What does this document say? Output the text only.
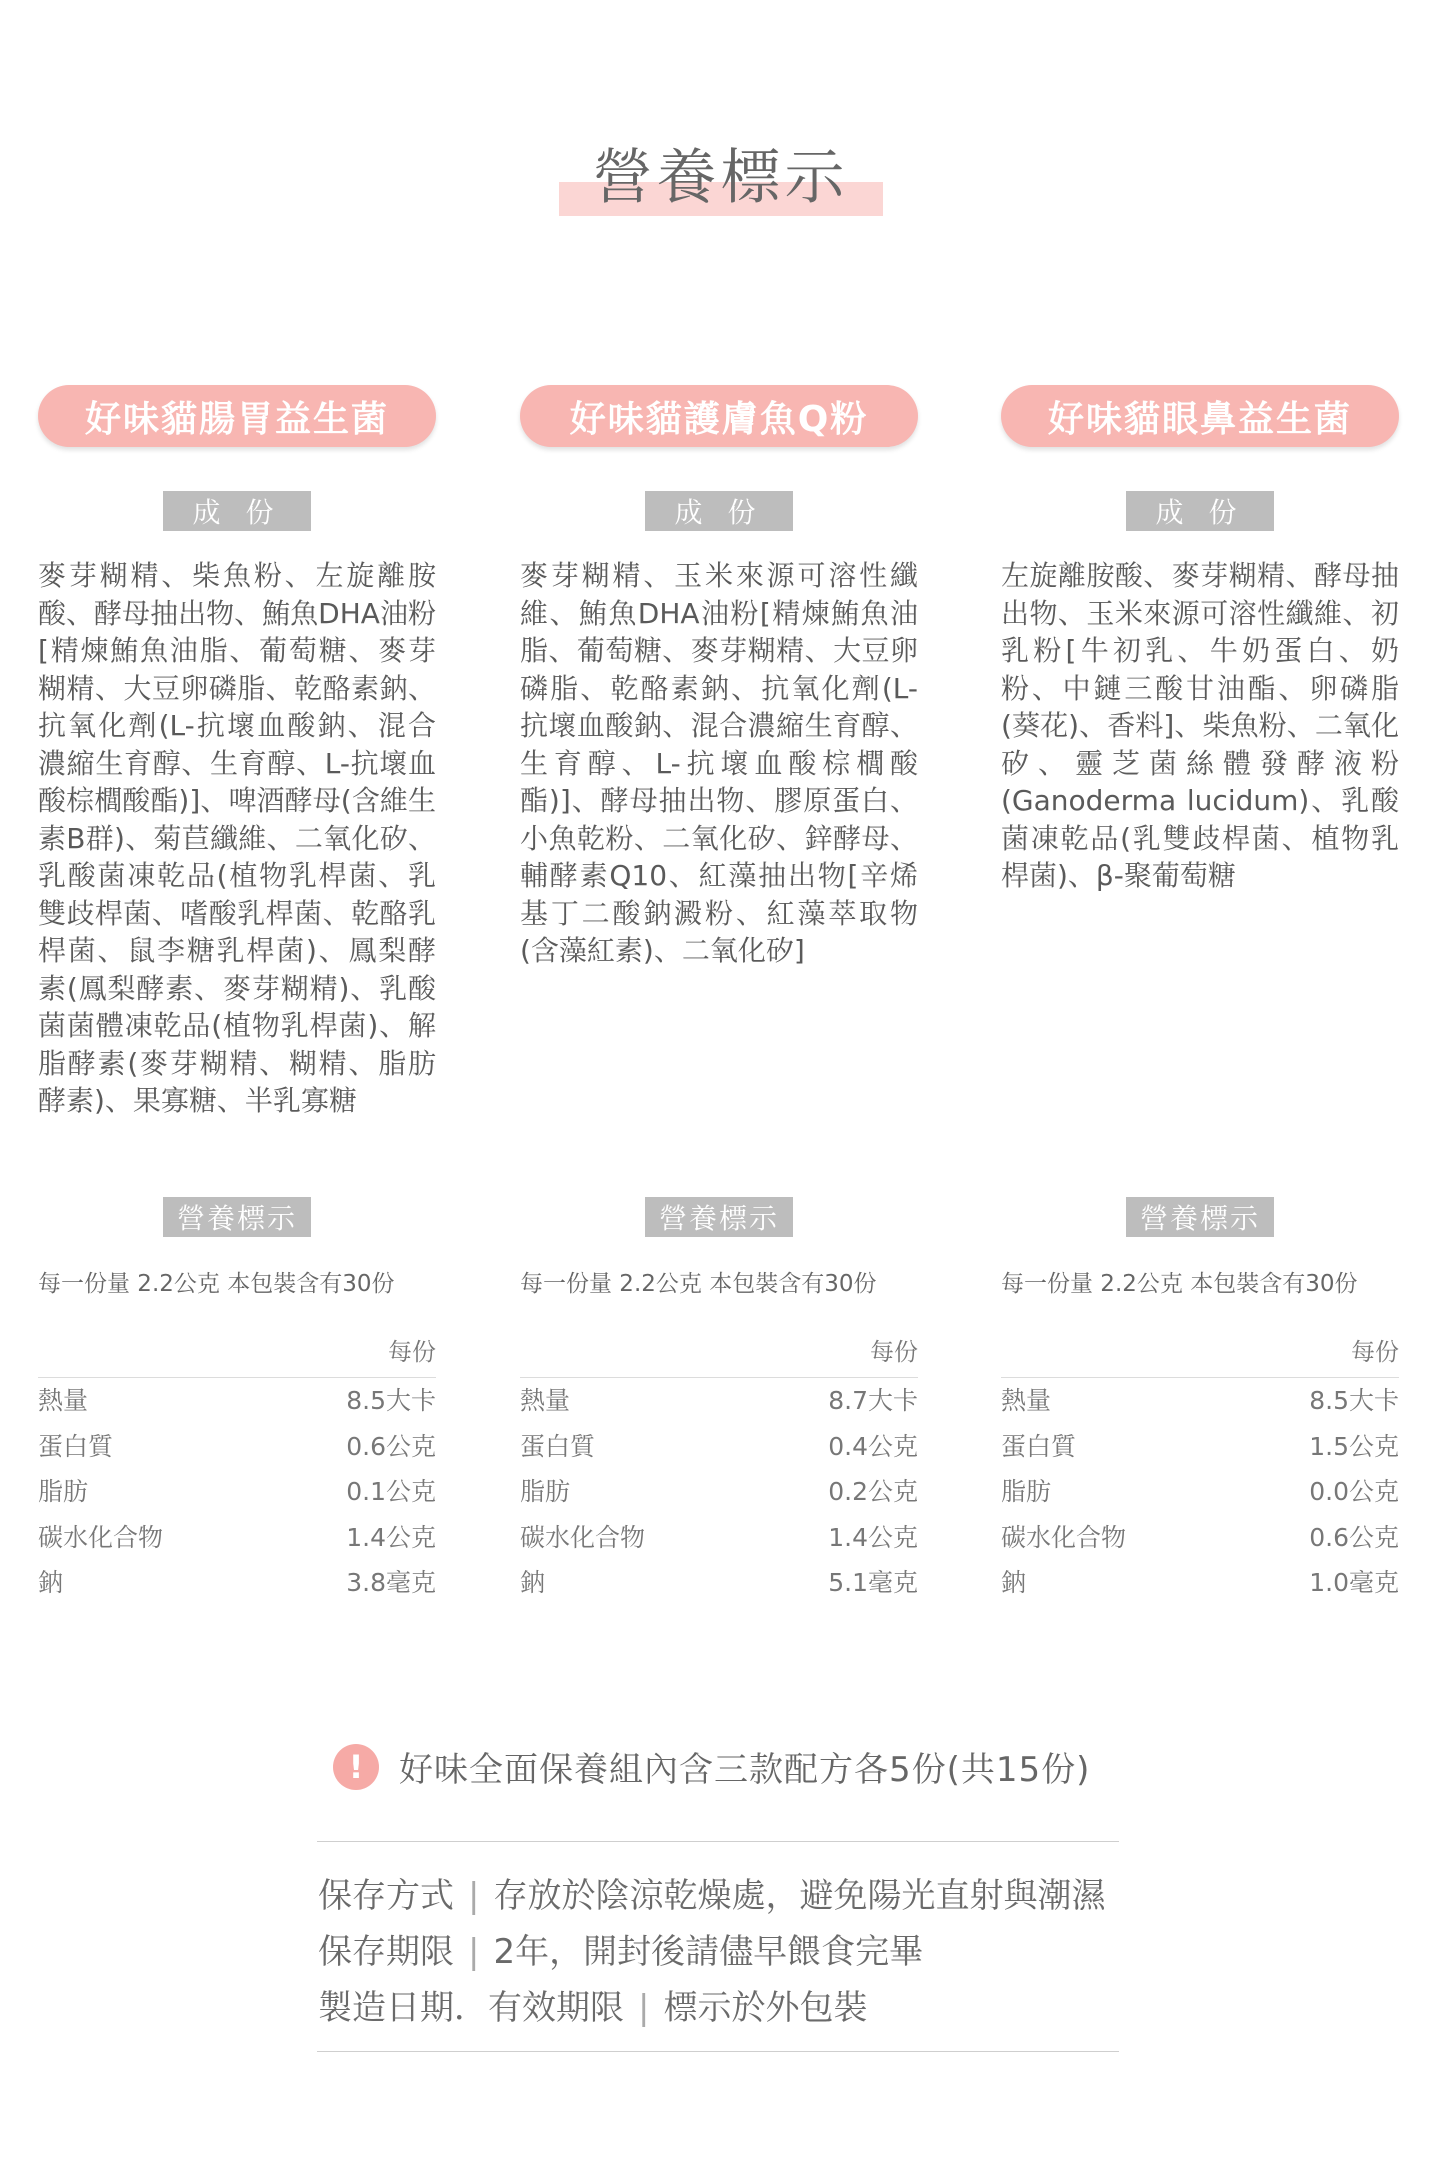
營養標示
好味貓腸胃益生菌
成 份
麥芽糊精、柴魚粉、左旋離胺酸、酵母抽出物、鮪魚DHA油粉[精煉鮪魚油脂、葡萄糖、麥芽糊精、大豆卵磷脂、乾酪素鈉、抗氧化劑(L-抗壞血酸鈉、混合濃縮生育醇、生育醇、L-抗壞血酸棕櫚酸酯)]、啤酒酵母(含維生素B群)、菊苣纖維、二氧化矽、乳酸菌凍乾品(植物乳桿菌、乳雙歧桿菌、嗜酸乳桿菌、乾酪乳桿菌、鼠李糖乳桿菌)、鳳梨酵素(鳳梨酵素、麥芽糊精)、乳酸菌菌體凍乾品(植物乳桿菌)、解脂酵素(麥芽糊精、糊精、脂肪酵素)、果寡糖、半乳寡糖
營養標示
每一份量 2.2公克 本包裝含有30份
每份
熱量	8.5大卡
蛋白質	0.6公克
脂肪	0.1公克
碳水化合物	1.4公克
鈉	3.8毫克
好味貓護膚魚Q粉
成 份
麥芽糊精、玉米來源可溶性纖維、鮪魚DHA油粉[精煉鮪魚油脂、葡萄糖、麥芽糊精、大豆卵磷脂、乾酪素鈉、抗氧化劑(L-抗壞血酸鈉、混合濃縮生育醇、生育醇、L-抗壞血酸棕櫚酸酯)]、酵母抽出物、膠原蛋白、小魚乾粉、二氧化矽、鋅酵母、輔酵素Q10、紅藻抽出物[辛烯基丁二酸鈉澱粉、紅藻萃取物(含藻紅素)、二氧化矽]
營養標示
每一份量 2.2公克 本包裝含有30份
每份
熱量	8.7大卡
蛋白質	0.4公克
脂肪	0.2公克
碳水化合物	1.4公克
鈉	5.1毫克
好味貓眼鼻益生菌
成 份
左旋離胺酸、麥芽糊精、酵母抽出物、玉米來源可溶性纖維、初乳粉[牛初乳、牛奶蛋白、奶粉、中鏈三酸甘油酯、卵磷脂(葵花)、香料]、柴魚粉、二氧化矽、靈芝菌絲體發酵液粉(Ganoderma lucidum)、乳酸菌凍乾品(乳雙歧桿菌、植物乳桿菌)、β-聚葡萄糖
營養標示
每一份量 2.2公克 本包裝含有30份
每份
熱量	8.5大卡
蛋白質	1.5公克
脂肪	0.0公克
碳水化合物	0.6公克
鈉	1.0毫克
!	好味全面保養組內含三款配方各5份(共15份)
保存方式 | 存放於陰涼乾燥處，避免陽光直射與潮濕
保存期限 | 2年，開封後請儘早餵食完畢
製造日期．有效期限 | 標示於外包裝
